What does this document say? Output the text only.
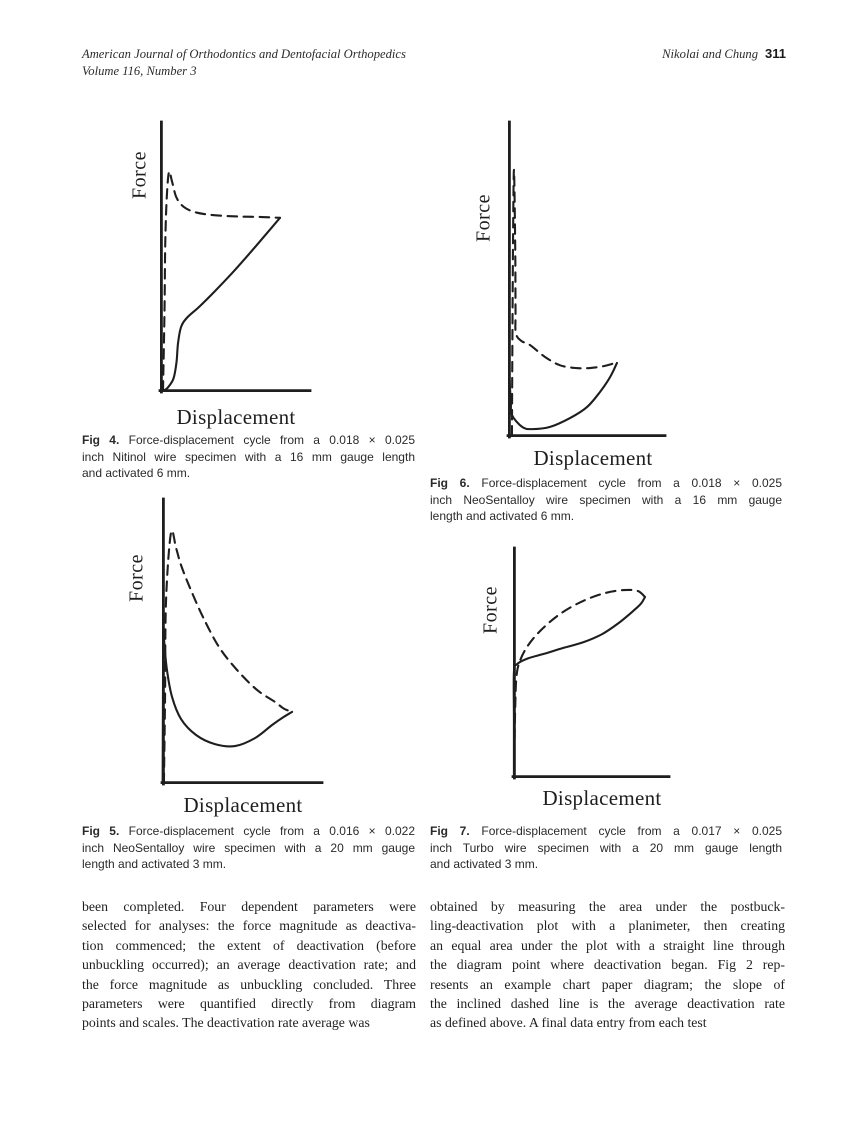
American Journal of Orthodontics and Dentofacial Orthopedics
Volume 116, Number 3
Nikolai and Chung 311
Force
Displacement
Fig 4. Force-displacement cycle from a 0.018 × 0.025
inch Nitinol wire specimen with a 16 mm gauge length
and activated 6 mm.
Force
Displacement
Fig 6. Force-displacement cycle from a 0.018 × 0.025
inch NeoSentalloy wire specimen with a 16 mm gauge
length and activated 6 mm.
Force
Displacement
Fig 5. Force-displacement cycle from a 0.016 × 0.022
inch NeoSentalloy wire specimen with a 20 mm gauge
length and activated 3 mm.
Force
Displacement
Fig 7. Force-displacement cycle from a 0.017 × 0.025
inch Turbo wire specimen with a 20 mm gauge length
and activated 3 mm.
been completed. Four dependent parameters were
selected for analyses: the force magnitude as deactiva-
tion commenced; the extent of deactivation (before
unbuckling occurred); an average deactivation rate; and
the force magnitude as unbuckling concluded. Three
parameters were quantified directly from diagram
points and scales. The deactivation rate average was
obtained by measuring the area under the postbuck-
ling-deactivation plot with a planimeter, then creating
an equal area under the plot with a straight line through
the diagram point where deactivation began. Fig 2 rep-
resents an example chart paper diagram; the slope of
the inclined dashed line is the average deactivation rate
as defined above. A final data entry from each test
